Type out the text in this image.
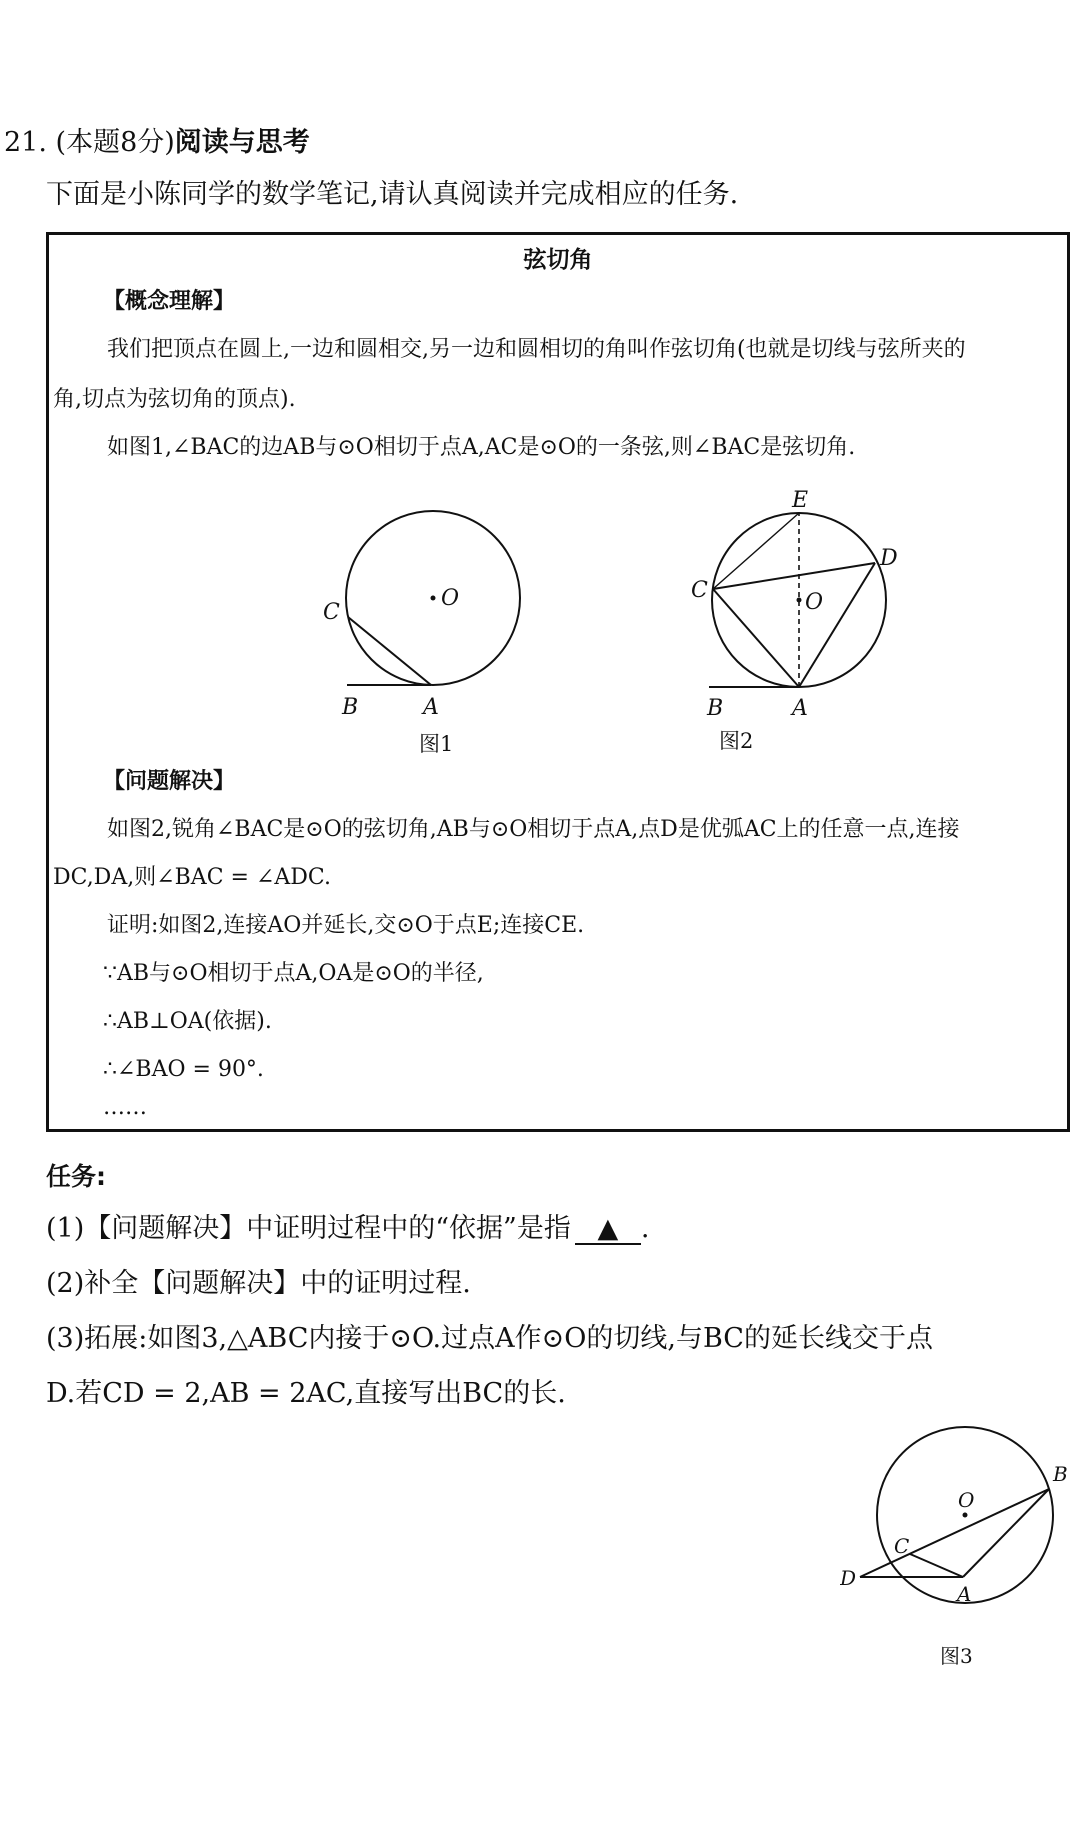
21. (本题8分)阅读与思考
下面是小陈同学的数学笔记,请认真阅读并完成相应的任务.
弦切角
【概念理解】
我们把顶点在圆上,一边和圆相交,另一边和圆相切的角叫作弦切角(也就是切线与弦所夹的
角,切点为弦切角的顶点).
如图1,∠BAC的边AB与⊙O相切于点A,AC是⊙O的一条弦,则∠BAC是弦切角.
C
O
B	A
图1
E
D
C	O
B	A
图2
【问题解决】
如图2,锐角∠BAC是⊙O的弦切角,AB与⊙O相切于点A,点D是优弧AC上的任意一点,连接
DC,DA,则∠BAC = ∠ADC.
证明:如图2,连接AO并延长,交⊙O于点E;连接CE.
∵AB与⊙O相切于点A,OA是⊙O的半径,
∴AB⊥OA(依据).
∴∠BAO = 90°.
……
任务:
(1)【问题解决】中证明过程中的“依据”是指 ▲ .
(2)补全【问题解决】中的证明过程.
(3)拓展:如图3,△ABC内接于⊙O.过点A作⊙O的切线,与BC的延长线交于点
D.若CD = 2,AB = 2AC,直接写出BC的长.
B
O
C
D
A
图3
